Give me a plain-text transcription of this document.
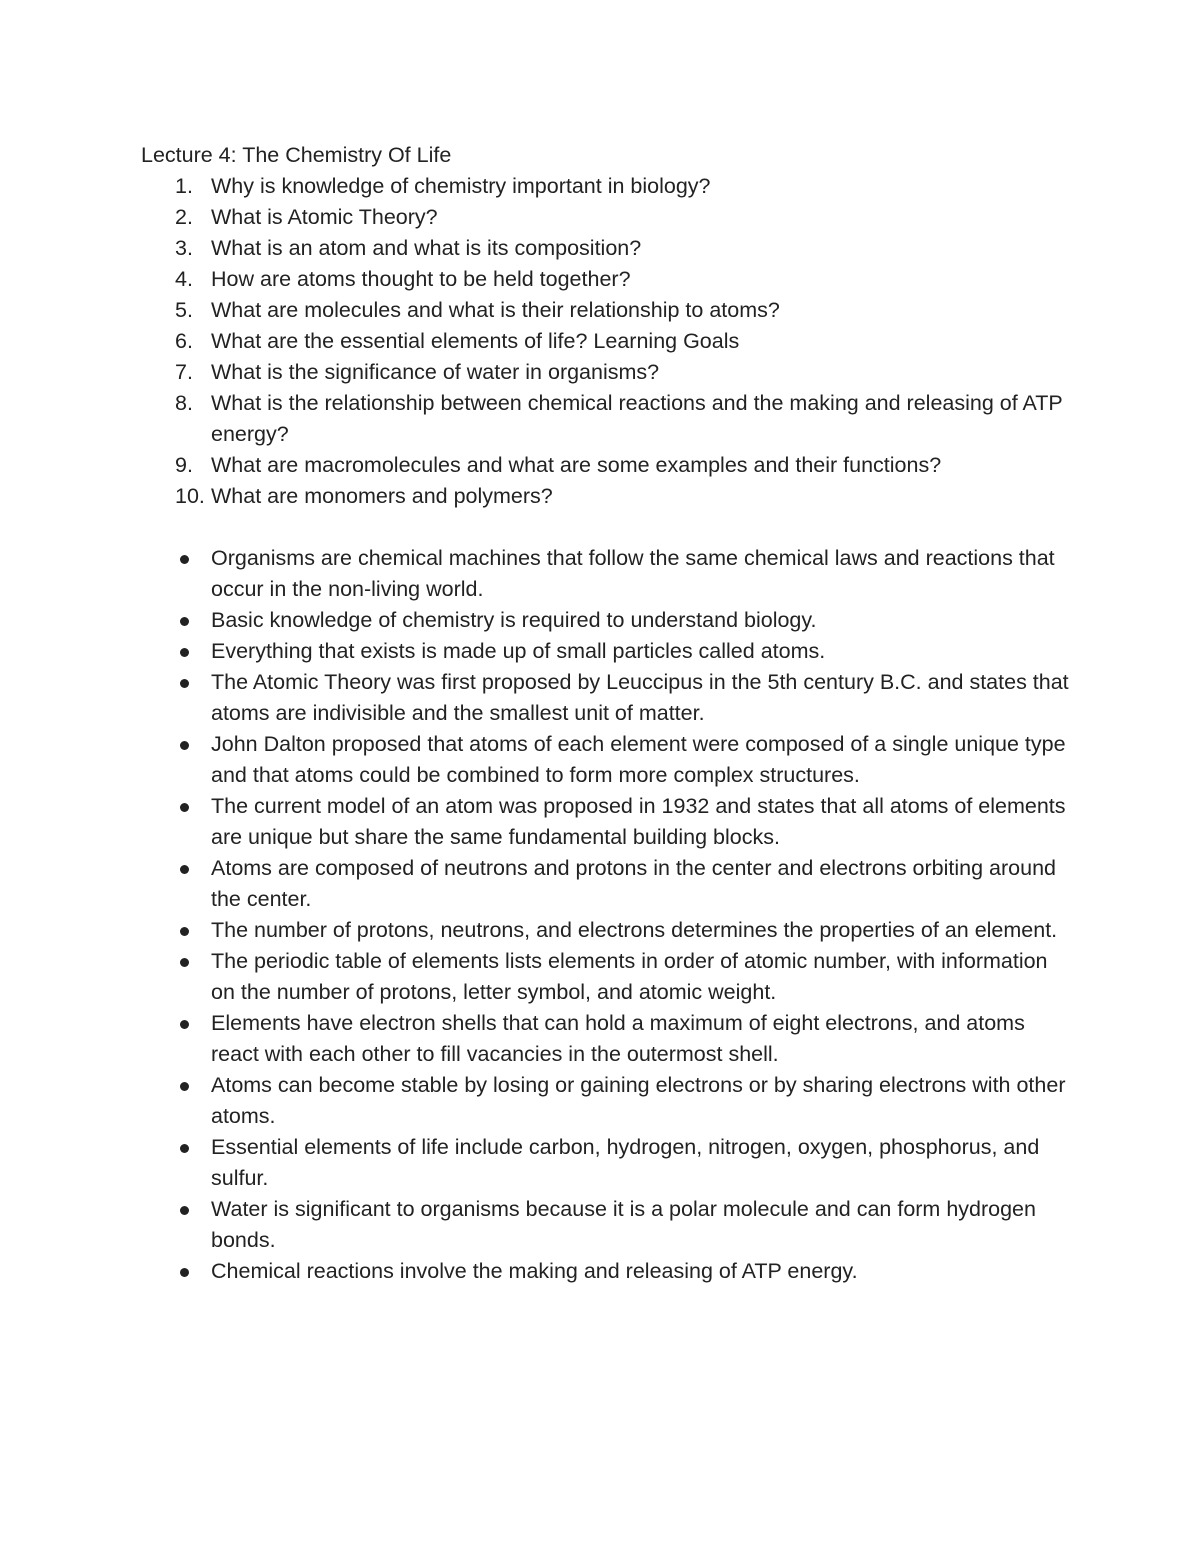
Lecture 4: The Chemistry Of Life

1. Why is knowledge of chemistry important in biology?
2. What is Atomic Theory?
3. What is an atom and what is its composition?
4. How are atoms thought to be held together?
5. What are molecules and what is their relationship to atoms?
6. What are the essential elements of life? Learning Goals
7. What is the significance of water in organisms?
8. What is the relationship between chemical reactions and the making and releasing of ATP energy?
9. What are macromolecules and what are some examples and their functions?
10. What are monomers and polymers?
Organisms are chemical machines that follow the same chemical laws and reactions that occur in the non-living world.
Basic knowledge of chemistry is required to understand biology.
Everything that exists is made up of small particles called atoms.
The Atomic Theory was first proposed by Leuccipus in the 5th century B.C. and states that atoms are indivisible and the smallest unit of matter.
John Dalton proposed that atoms of each element were composed of a single unique type and that atoms could be combined to form more complex structures.
The current model of an atom was proposed in 1932 and states that all atoms of elements are unique but share the same fundamental building blocks.
Atoms are composed of neutrons and protons in the center and electrons orbiting around the center.
The number of protons, neutrons, and electrons determines the properties of an element.
The periodic table of elements lists elements in order of atomic number, with information on the number of protons, letter symbol, and atomic weight.
Elements have electron shells that can hold a maximum of eight electrons, and atoms react with each other to fill vacancies in the outermost shell.
Atoms can become stable by losing or gaining electrons or by sharing electrons with other atoms.
Essential elements of life include carbon, hydrogen, nitrogen, oxygen, phosphorus, and sulfur.
Water is significant to organisms because it is a polar molecule and can form hydrogen bonds.
Chemical reactions involve the making and releasing of ATP energy.
